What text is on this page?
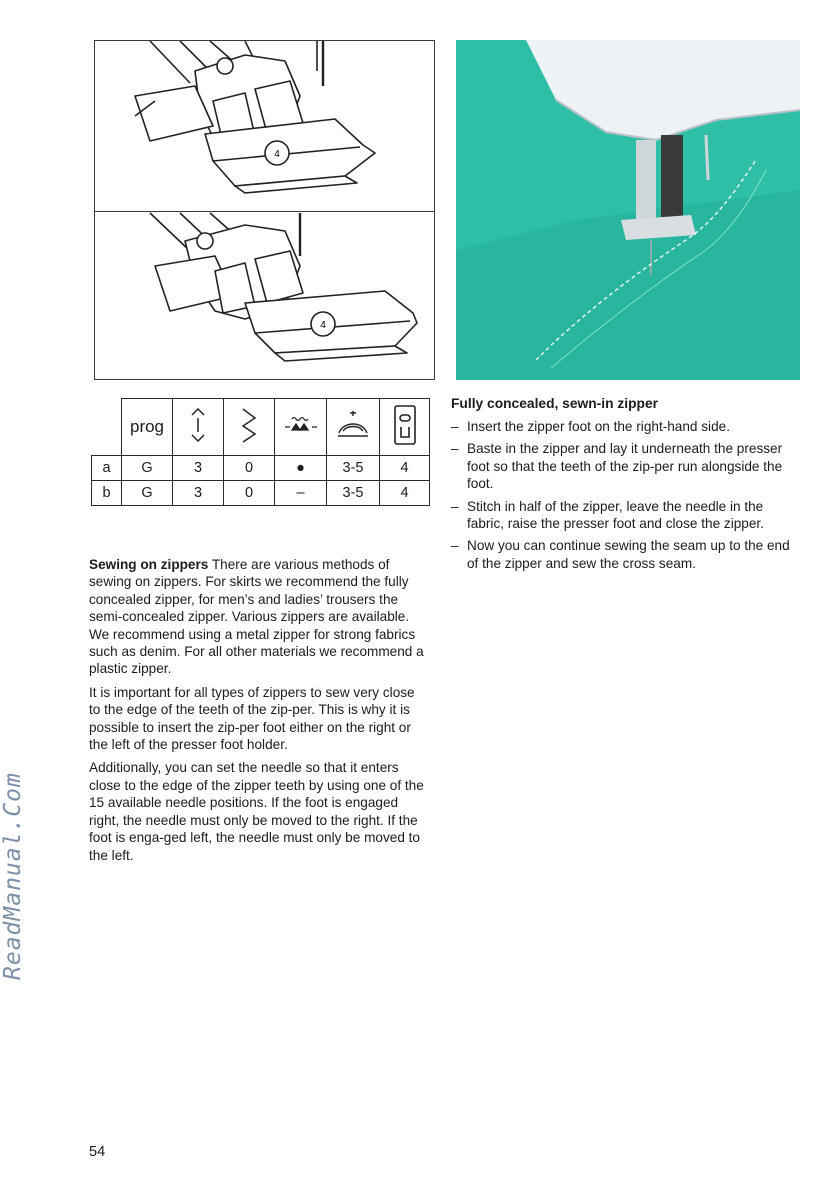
4
4
	prog					
a	G	3	0	●	3-5	4
b	G	3	0	–	3-5	4

Sewing on zippers There are various methods of sewing on zippers. For skirts we recommend the fully concealed zipper, for men’s and ladies’ trousers the semi-concealed zipper. Various zippers are available. We recommend using a metal zipper for strong fabrics such as denim. For all other materials we recommend a plastic zipper.

It is important for all types of zippers to sew very close to the edge of the teeth of the zip-per. This is why it is possible to insert the zip-per foot either on the right or the left of the presser foot holder.

Additionally, you can set the needle so that it enters close to the edge of the zipper teeth by using one of the 15 available needle positions. If the foot is engaged right, the needle must only be moved to the right. If the foot is enga-ged left, the needle must only be moved to the left.

Fully concealed, sewn-in zipper

– Insert the zipper foot on the right-hand side.
– Baste in the zipper and lay it underneath the presser foot so that the teeth of the zip-per run alongside the foot.
– Stitch in half of the zipper, leave the needle in the fabric, raise the presser foot and close the zipper.
– Now you can continue sewing the seam up to the end of the zipper and sew the cross seam.
ReadManual.Com
54
